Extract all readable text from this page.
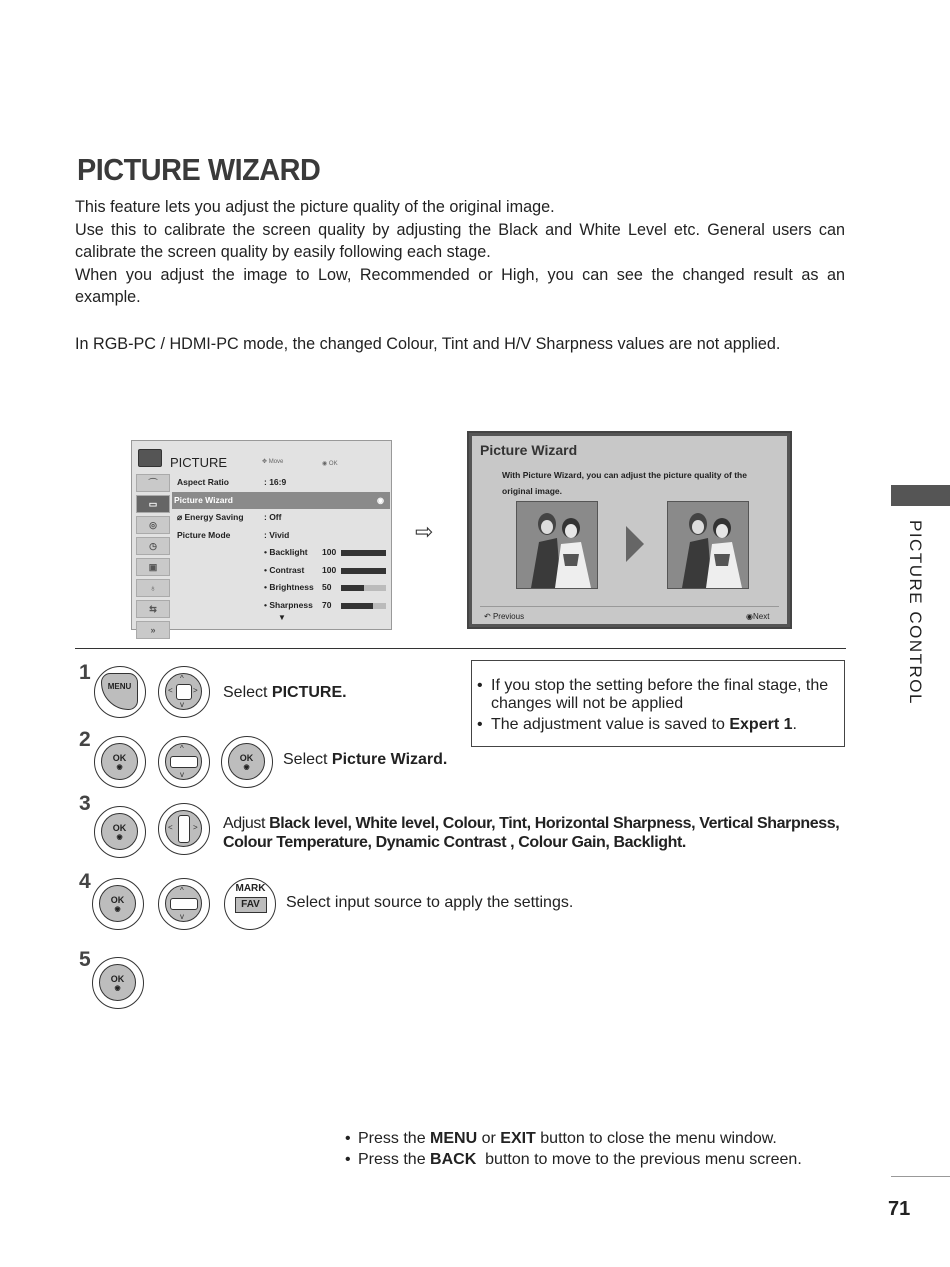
PICTURE WIZARD
This feature lets you adjust the picture quality of the original image.
Use this to calibrate the screen quality by adjusting the Black and White Level etc. General users can calibrate the screen quality by easily following each stage.
When you adjust the image to Low, Recommended or High, you can see the changed result as an example.
In RGB-PC / HDMI-PC mode, the changed Colour, Tint and H/V Sharpness values are not applied.
PICTURE CONTROL
PICTURE	✥ Move	◉ OK
⌒
▭
◎
◷
▣
♁
⇆
»
Aspect Ratio	: 16:9
Picture Wizard	◉
⌀ Energy Saving : Off
Picture Mode	: Vivid
• Backlight 100
• Contrast 100
• Brightness 50
• Sharpness 70
▼
⇨
Picture Wizard
With Picture Wizard, you can adjust the picture quality of the original image.
↶ Previous	◉Next
1
MENU
^
v
<	> Select PICTURE.
2
OK
◉
^
v
OK
◉	Select Picture Wizard.
• If you stop the setting before the final stage, the changes will not be applied
• The adjustment value is saved to Expert 1.
3
OK
◉
<	> Adjust Black level, White level, Colour, Tint, Horizontal Sharpness, Vertical Sharpness, Colour Temperature, Dynamic Contrast , Colour Gain, Backlight.
4
OK
◉
^
v
MARK
FAV	Select input source to apply the settings.
5
OK
◉
• Press the MENU or EXIT button to close the menu window.
• Press the BACK  button to move to the previous menu screen.
71
